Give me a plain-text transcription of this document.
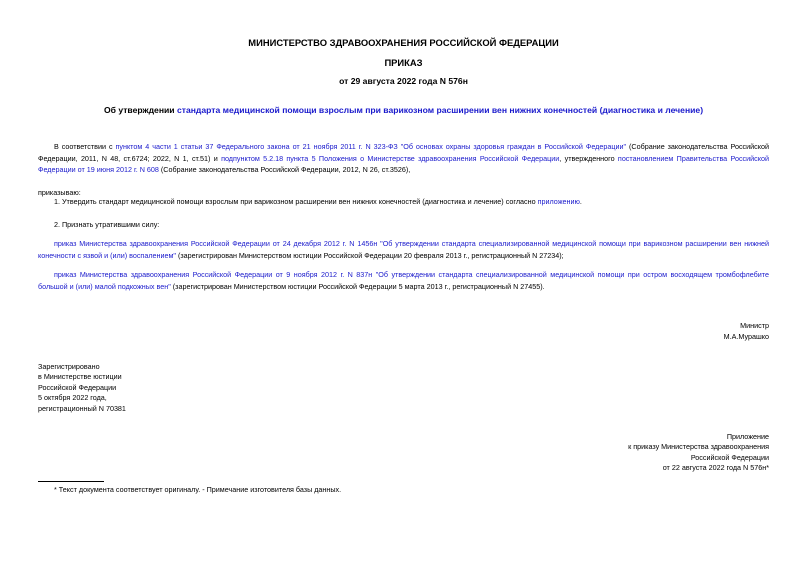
МИНИСТЕРСТВО ЗДРАВООХРАНЕНИЯ РОССИЙСКОЙ ФЕДЕРАЦИИ
ПРИКАЗ
от 29 августа 2022 года N 576н
Об утверждении стандарта медицинской помощи взрослым при варикозном расширении вен нижних конечностей (диагностика и лечение)
В соответствии с пунктом 4 части 1 статьи 37 Федерального закона от 21 ноября 2011 г. N 323-ФЗ "Об основах охраны здоровья граждан в Российской Федерации" (Собрание законодательства Российской Федерации, 2011, N 48, ст.6724; 2022, N 1, ст.51) и подпунктом 5.2.18 пункта 5 Положения о Министерстве здравоохранения Российской Федерации, утвержденного постановлением Правительства Российской Федерации от 19 июня 2012 г. N 608 (Собрание законодательства Российской Федерации, 2012, N 26, ст.3526),
приказываю:
1. Утвердить стандарт медицинской помощи взрослым при варикозном расширении вен нижних конечностей (диагностика и лечение) согласно приложению.
2. Признать утратившими силу:
приказ Министерства здравоохранения Российской Федерации от 24 декабря 2012 г. N 1456н "Об утверждении стандарта специализированной медицинской помощи при варикозном расширении вен нижней конечности с язвой и (или) воспалением" (зарегистрирован Министерством юстиции Российской Федерации 20 февраля 2013 г., регистрационный N 27234);
приказ Министерства здравоохранения Российской Федерации от 9 ноября 2012 г. N 837н "Об утверждении стандарта специализированной медицинской помощи при остром восходящем тромбофлебите большой и (или) малой подкожных вен" (зарегистрирован Министерством юстиции Российской Федерации 5 марта 2013 г., регистрационный N 27455).
Министр
М.А.Мурашко
Зарегистрировано
в Министерстве юстиции
Российской Федерации
5 октября 2022 года,
регистрационный N 70381
Приложение
к приказу Министерства здравоохранения
Российской Федерации
от 22 августа 2022 года N 576н*
* Текст документа соответствует оригиналу. - Примечание изготовителя базы данных.
